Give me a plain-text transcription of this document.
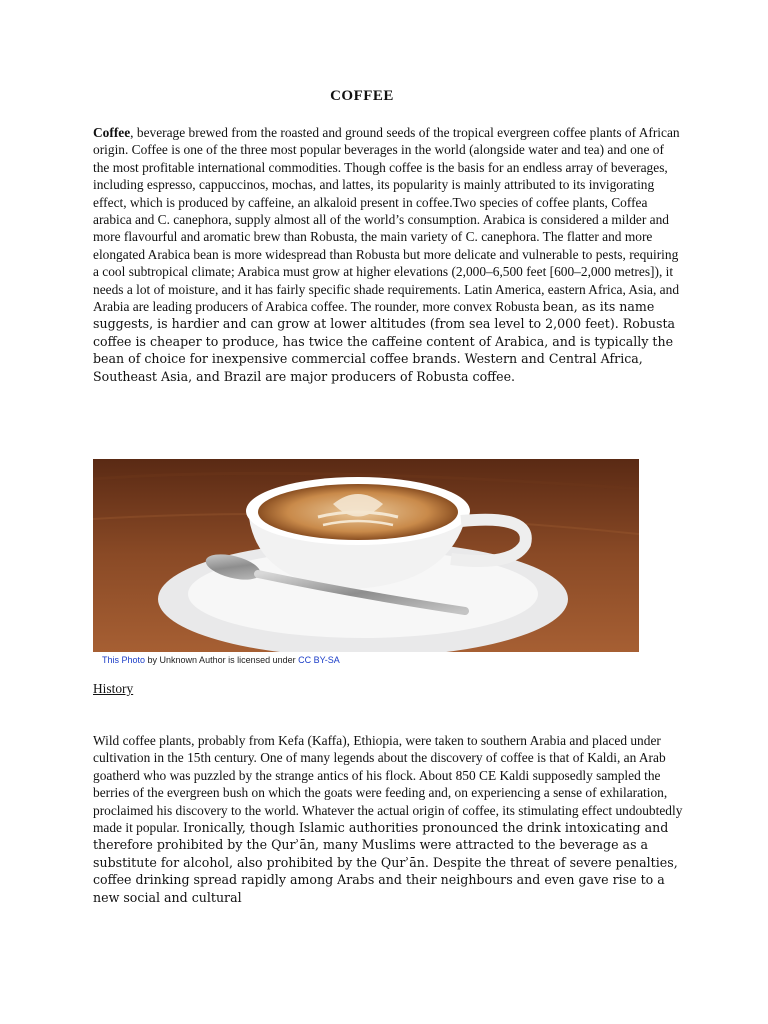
COFFEE

Coffee, beverage brewed from the roasted and ground seeds of the tropical evergreen coffee plants of African origin. Coffee is one of the three most popular beverages in the world (alongside water and tea) and one of the most profitable international commodities. Though coffee is the basis for an endless array of beverages, including espresso, cappuccinos, mochas, and lattes, its popularity is mainly attributed to its invigorating effect, which is produced by caffeine, an alkaloid present in coffee.Two species of coffee plants, Coffea arabica and C. canephora, supply almost all of the world’s consumption. Arabica is considered a milder and more flavourful and aromatic brew than Robusta, the main variety of C. canephora. The flatter and more elongated Arabica bean is more widespread than Robusta but more delicate and vulnerable to pests, requiring a cool subtropical climate; Arabica must grow at higher elevations (2,000–6,500 feet [600–2,000 metres]), it needs a lot of moisture, and it has fairly specific shade requirements. Latin America, eastern Africa, Asia, and Arabia are leading producers of Arabica coffee. The rounder, more convex Robusta bean, as its name suggests, is hardier and can grow at lower altitudes (from sea level to 2,000 feet). Robusta coffee is cheaper to produce, has twice the caffeine content of Arabica, and is typically the bean of choice for inexpensive commercial coffee brands. Western and Central Africa, Southeast Asia, and Brazil are major producers of Robusta coffee.

This Photo by Unknown Author is licensed under CC BY-SA
History

Wild coffee plants, probably from Kefa (Kaffa), Ethiopia, were taken to southern Arabia and placed under cultivation in the 15th century. One of many legends about the discovery of coffee is that of Kaldi, an Arab goatherd who was puzzled by the strange antics of his flock. About 850 CE Kaldi supposedly sampled the berries of the evergreen bush on which the goats were feeding and, on experiencing a sense of exhilaration, proclaimed his discovery to the world. Whatever the actual origin of coffee, its stimulating effect undoubtedly made it popular. Ironically, though Islamic authorities pronounced the drink intoxicating and therefore prohibited by the Qurʾān, many Muslims were attracted to the beverage as a substitute for alcohol, also prohibited by the Qurʾān. Despite the threat of severe penalties, coffee drinking spread rapidly among Arabs and their neighbours and even gave rise to a new social and cultural
